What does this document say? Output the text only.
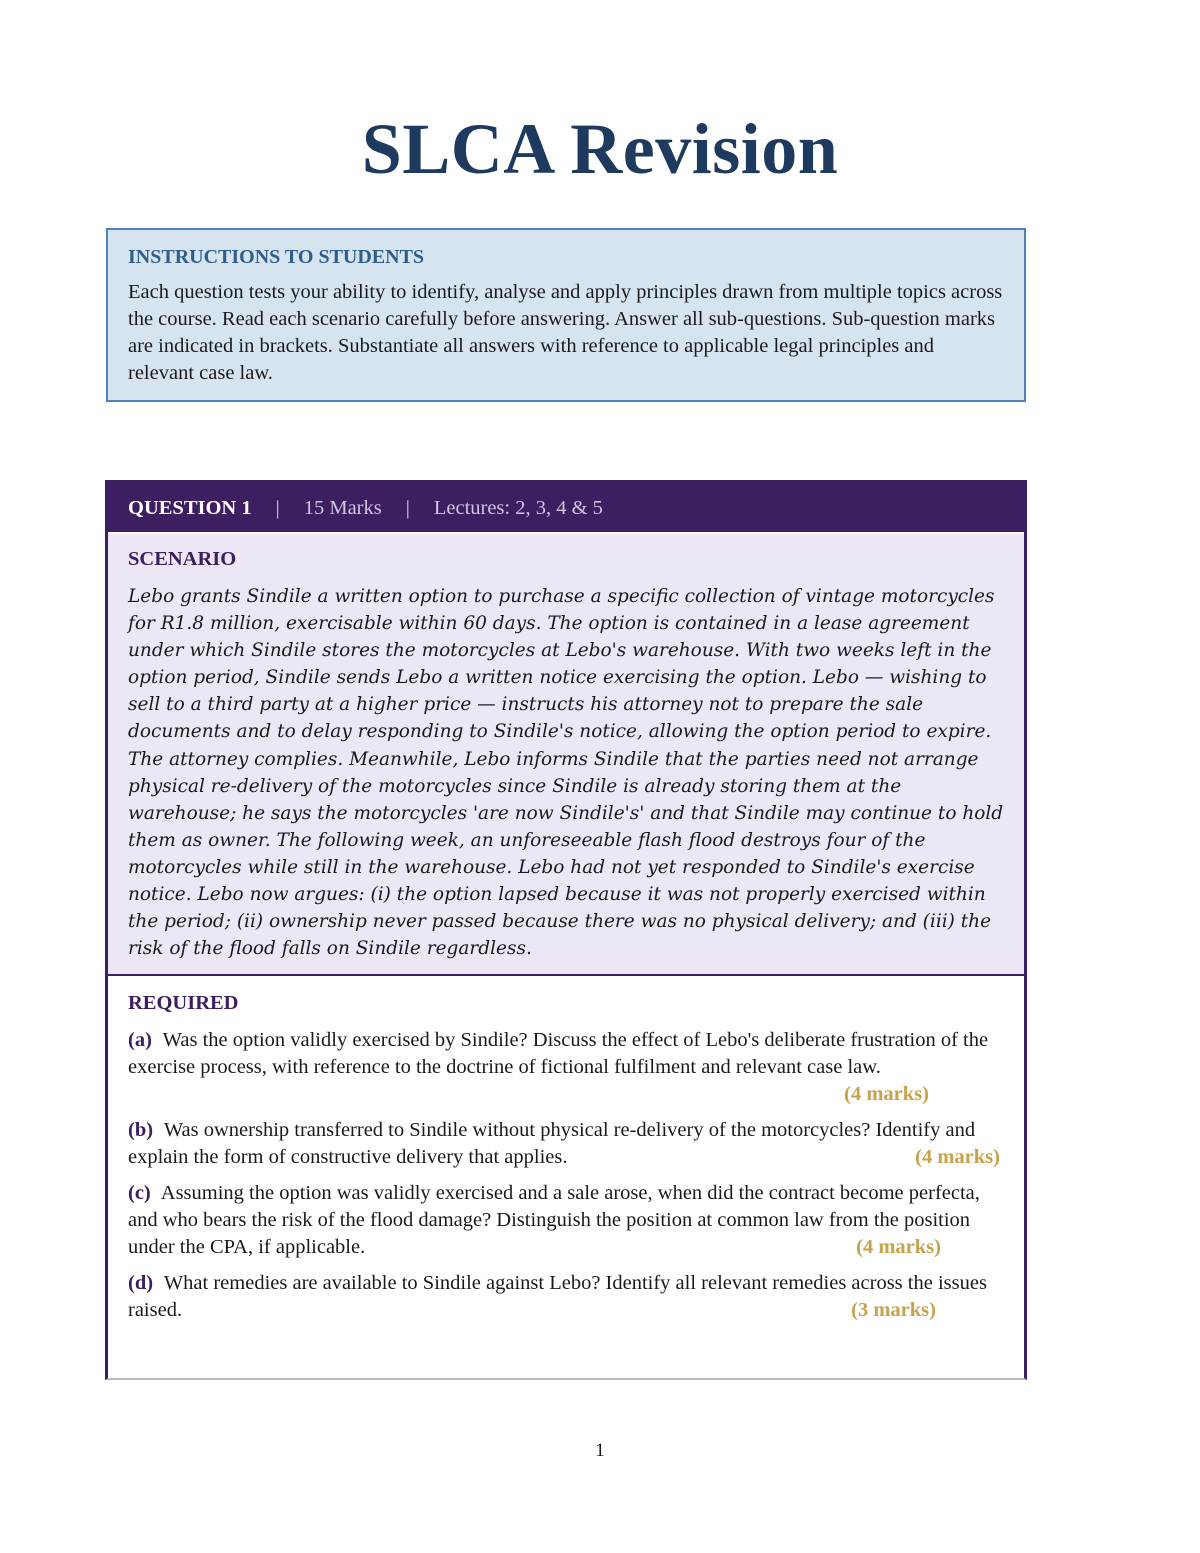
SLCA Revision
INSTRUCTIONS TO STUDENTS
Each question tests your ability to identify, analyse and apply principles drawn from multiple topics across the course. Read each scenario carefully before answering. Answer all sub-questions. Sub-question marks are indicated in brackets. Substantiate all answers with reference to applicable legal principles and relevant case law.
QUESTION 1 | 15 Marks | Lectures: 2, 3, 4 & 5
SCENARIO
Lebo grants Sindile a written option to purchase a specific collection of vintage motorcycles for R1.8 million, exercisable within 60 days. The option is contained in a lease agreement under which Sindile stores the motorcycles at Lebo's warehouse. With two weeks left in the option period, Sindile sends Lebo a written notice exercising the option. Lebo — wishing to sell to a third party at a higher price — instructs his attorney not to prepare the sale documents and to delay responding to Sindile's notice, allowing the option period to expire. The attorney complies. Meanwhile, Lebo informs Sindile that the parties need not arrange physical re-delivery of the motorcycles since Sindile is already storing them at the warehouse; he says the motorcycles 'are now Sindile's' and that Sindile may continue to hold them as owner. The following week, an unforeseeable flash flood destroys four of the motorcycles while still in the warehouse. Lebo had not yet responded to Sindile's exercise notice. Lebo now argues: (i) the option lapsed because it was not properly exercised within the period; (ii) ownership never passed because there was no physical delivery; and (iii) the risk of the flood falls on Sindile regardless.
REQUIRED
(a) Was the option validly exercised by Sindile? Discuss the effect of Lebo's deliberate frustration of the exercise process, with reference to the doctrine of fictional fulfilment and relevant case law.
(4 marks)
(b) Was ownership transferred to Sindile without physical re-delivery of the motorcycles? Identify and explain the form of constructive delivery that applies.	(4 marks)
(c) Assuming the option was validly exercised and a sale arose, when did the contract become perfecta, and who bears the risk of the flood damage? Distinguish the position at common law from the position under the CPA, if applicable.	(4 marks)
(d) What remedies are available to Sindile against Lebo? Identify all relevant remedies across the issues raised.	(3 marks)
1
